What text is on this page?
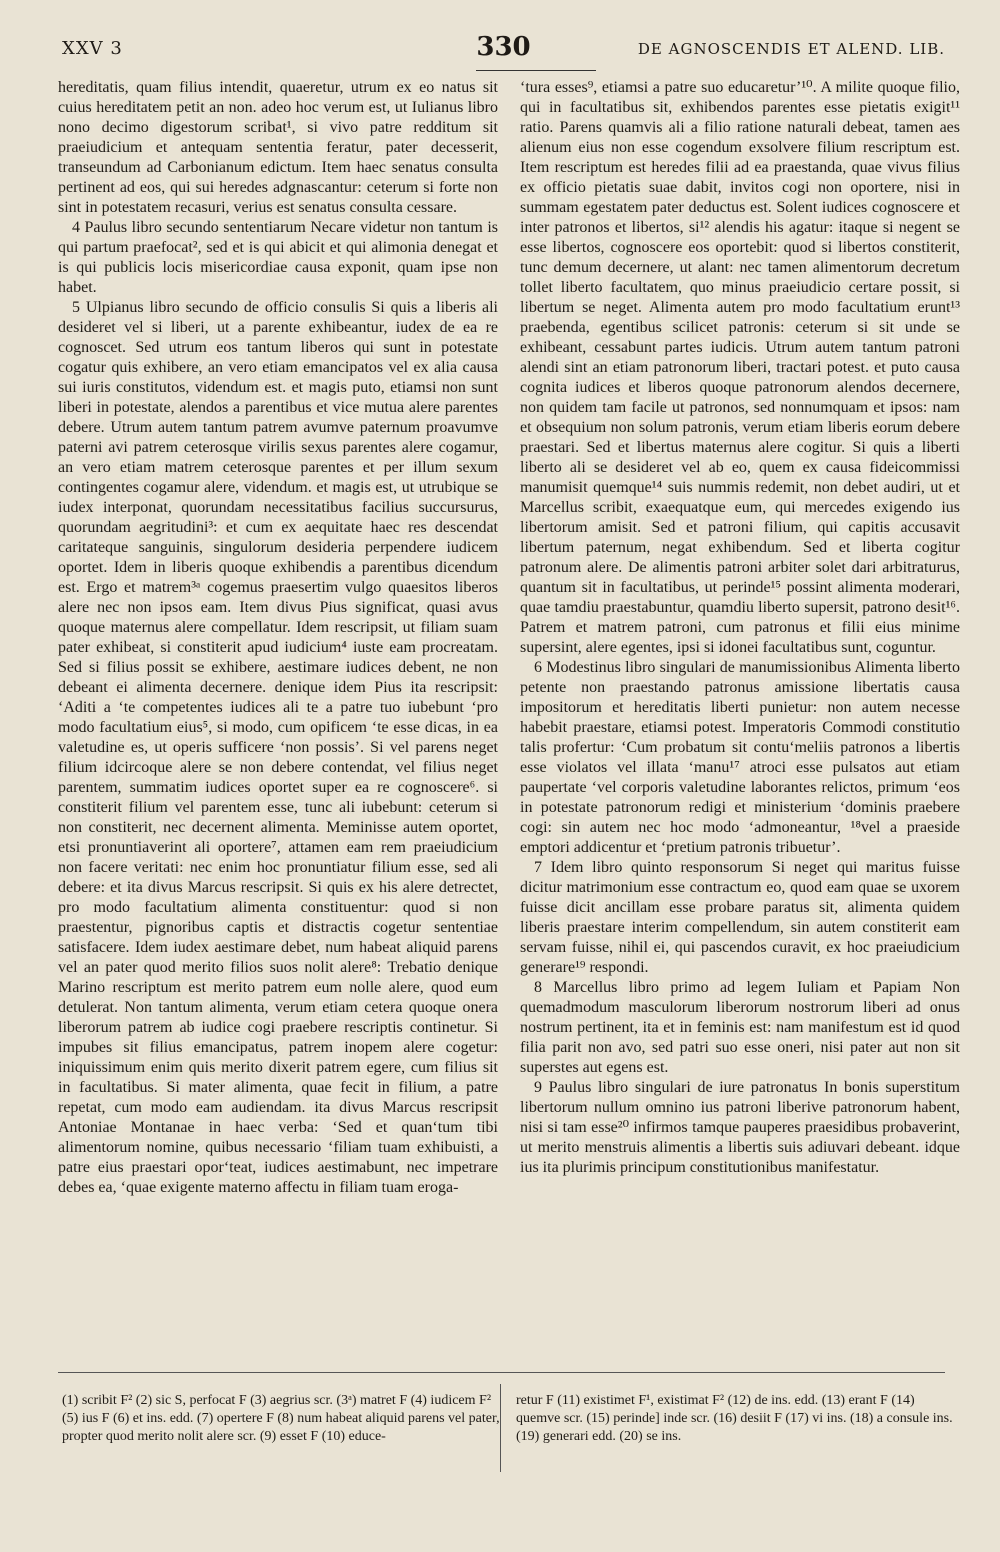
XXV 3	330	DE AGNOSCENDIS ET ALEND. LIB.

hereditatis, quam filius intendit, quaeretur, utrum ex eo natus sit cuius hereditatem petit an non. adeo hoc verum est, ut Iulianus libro nono decimo digestorum scribat¹, si vivo patre redditum sit praeiudicium et antequam sententia feratur, pater decesserit, transeundum ad Carbonianum edictum. Item haec senatus consulta pertinent ad eos, qui sui heredes adgnascantur: ceterum si forte non sint in potestatem recasuri, verius est senatus consulta cessare.

4 Paulus libro secundo sententiarum Necare videtur non tantum is qui partum praefocat², sed et is qui abicit et qui alimonia denegat et is qui publicis locis misericordiae causa exponit, quam ipse non habet.

5 Ulpianus libro secundo de officio consulis Si quis a liberis ali desideret vel si liberi, ut a parente exhibeantur, iudex de ea re cognoscet. Sed utrum eos tantum liberos qui sunt in potestate cogatur quis exhibere, an vero etiam emancipatos vel ex alia causa sui iuris constitutos, videndum est. et magis puto, etiamsi non sunt liberi in potestate, alendos a parentibus et vice mutua alere parentes debere. Utrum autem tantum patrem avumve paternum proavumve paterni avi patrem ceterosque virilis sexus parentes alere cogamur, an vero etiam matrem ceterosque parentes et per illum sexum contingentes cogamur alere, videndum. et magis est, ut utrubique se iudex interponat, quorundam necessitatibus facilius succursurus, quorundam aegritudini³: et cum ex aequitate haec res descendat caritateque sanguinis, singulorum desideria perpendere iudicem oportet. Idem in liberis quoque exhibendis a parentibus dicendum est. Ergo et matrem³ᵃ cogemus praesertim vulgo quaesitos liberos alere nec non ipsos eam. Item divus Pius significat, quasi avus quoque maternus alere compellatur. Idem rescripsit, ut filiam suam pater exhibeat, si constiterit apud iudicium⁴ iuste eam procreatam. Sed si filius possit se exhibere, aestimare iudices debent, ne non debeant ei alimenta decernere. denique idem Pius ita rescripsit: ‘Aditi a ‘te competentes iudices ali te a patre tuo iubebunt ‘pro modo facultatium eius⁵, si modo, cum opificem ‘te esse dicas, in ea valetudine es, ut operis sufficere ‘non possis’. Si vel parens neget filium idcircoque alere se non debere contendat, vel filius neget parentem, summatim iudices oportet super ea re cognoscere⁶. si constiterit filium vel parentem esse, tunc ali iubebunt: ceterum si non constiterit, nec decernent alimenta. Meminisse autem oportet, etsi pronuntiaverint ali oportere⁷, attamen eam rem praeiudicium non facere veritati: nec enim hoc pronuntiatur filium esse, sed ali debere: et ita divus Marcus rescripsit. Si quis ex his alere detrectet, pro modo facultatium alimenta constituentur: quod si non praestentur, pignoribus captis et distractis cogetur sententiae satisfacere. Idem iudex aestimare debet, num habeat aliquid parens vel an pater quod merito filios suos nolit alere⁸: Trebatio denique Marino rescriptum est merito patrem eum nolle alere, quod eum detulerat. Non tantum alimenta, verum etiam cetera quoque onera liberorum patrem ab iudice cogi praebere rescriptis continetur. Si impubes sit filius emancipatus, patrem inopem alere cogetur: iniquissimum enim quis merito dixerit patrem egere, cum filius sit in facultatibus. Si mater alimenta, quae fecit in filium, a patre repetat, cum modo eam audiendam. ita divus Marcus rescripsit Antoniae Montanae in haec verba: ‘Sed et quan‘tum tibi alimentorum nomine, quibus necessario ‘filiam tuam exhibuisti, a patre eius praestari opor‘teat, iudices aestimabunt, nec impetrare debes ea, ‘quae exigente materno affectu in filiam tuam eroga-

‘tura esses⁹, etiamsi a patre suo educaretur’¹⁰. A milite quoque filio, qui in facultatibus sit, exhibendos parentes esse pietatis exigit¹¹ ratio. Parens quamvis ali a filio ratione naturali debeat, tamen aes alienum eius non esse cogendum exsolvere filium rescriptum est. Item rescriptum est heredes filii ad ea praestanda, quae vivus filius ex officio pietatis suae dabit, invitos cogi non oportere, nisi in summam egestatem pater deductus est. Solent iudices cognoscere et inter patronos et libertos, si¹² alendis his agatur: itaque si negent se esse libertos, cognoscere eos oportebit: quod si libertos constiterit, tunc demum decernere, ut alant: nec tamen alimentorum decretum tollet liberto facultatem, quo minus praeiudicio certare possit, si libertum se neget. Alimenta autem pro modo facultatium erunt¹³ praebenda, egentibus scilicet patronis: ceterum si sit unde se exhibeant, cessabunt partes iudicis. Utrum autem tantum patroni alendi sint an etiam patronorum liberi, tractari potest. et puto causa cognita iudices et liberos quoque patronorum alendos decernere, non quidem tam facile ut patronos, sed nonnumquam et ipsos: nam et obsequium non solum patronis, verum etiam liberis eorum debere praestari. Sed et libertus maternus alere cogitur. Si quis a liberti liberto ali se desideret vel ab eo, quem ex causa fideicommissi manumisit quemque¹⁴ suis nummis redemit, non debet audiri, ut et Marcellus scribit, exaequatque eum, qui mercedes exigendo ius libertorum amisit. Sed et patroni filium, qui capitis accusavit libertum paternum, negat exhibendum. Sed et liberta cogitur patronum alere. De alimentis patroni arbiter solet dari arbitraturus, quantum sit in facultatibus, ut perinde¹⁵ possint alimenta moderari, quae tamdiu praestabuntur, quamdiu liberto supersit, patrono desit¹⁶. Patrem et matrem patroni, cum patronus et filii eius minime supersint, alere egentes, ipsi si idonei facultatibus sunt, coguntur.

6 Modestinus libro singulari de manumissionibus Alimenta liberto petente non praestando patronus amissione libertatis causa impositorum et hereditatis liberti punietur: non autem necesse habebit praestare, etiamsi potest. Imperatoris Commodi constitutio talis profertur: ‘Cum probatum sit contu‘meliis patronos a libertis esse violatos vel illata ‘manu¹⁷ atroci esse pulsatos aut etiam paupertate ‘vel corporis valetudine laborantes relictos, primum ‘eos in potestate patronorum redigi et ministerium ‘dominis praebere cogi: sin autem nec hoc modo ‘admoneantur, ¹⁸vel a praeside emptori addicentur et ‘pretium patronis tribuetur’.

7 Idem libro quinto responsorum Si neget qui maritus fuisse dicitur matrimonium esse contractum eo, quod eam quae se uxorem fuisse dicit ancillam esse probare paratus sit, alimenta quidem liberis praestare interim compellendum, sin autem constiterit eam servam fuisse, nihil ei, qui pascendos curavit, ex hoc praeiudicium generare¹⁹ respondi.

8 Marcellus libro primo ad legem Iuliam et Papiam Non quemadmodum masculorum liberorum nostrorum liberi ad onus nostrum pertinent, ita et in feminis est: nam manifestum est id quod filia parit non avo, sed patri suo esse oneri, nisi pater aut non sit superstes aut egens est.

9 Paulus libro singulari de iure patronatus In bonis superstitum libertorum nullum omnino ius patroni liberive patronorum habent, nisi si tam esse²⁰ infirmos tamque pauperes praesidibus probaverint, ut merito menstruis alimentis a libertis suis adiuvari debeant. idque ius ita plurimis principum constitutionibus manifestatur.

(1) scribit F² (2) sic S, perfocat F (3) aegrius scr. (3ᵃ) matret F (4) iudicem F² (5) ius F (6) et ins. edd. (7) opertere F (8) num habeat aliquid parens vel pater, propter quod merito nolit alere scr. (9) esset F (10) educe-
retur F (11) existimet F¹, existimat F² (12) de ins. edd. (13) erant F (14) quemve scr. (15) perinde] inde scr. (16) desiit F (17) vi ins. (18) a consule ins. (19) generari edd. (20) se ins.
